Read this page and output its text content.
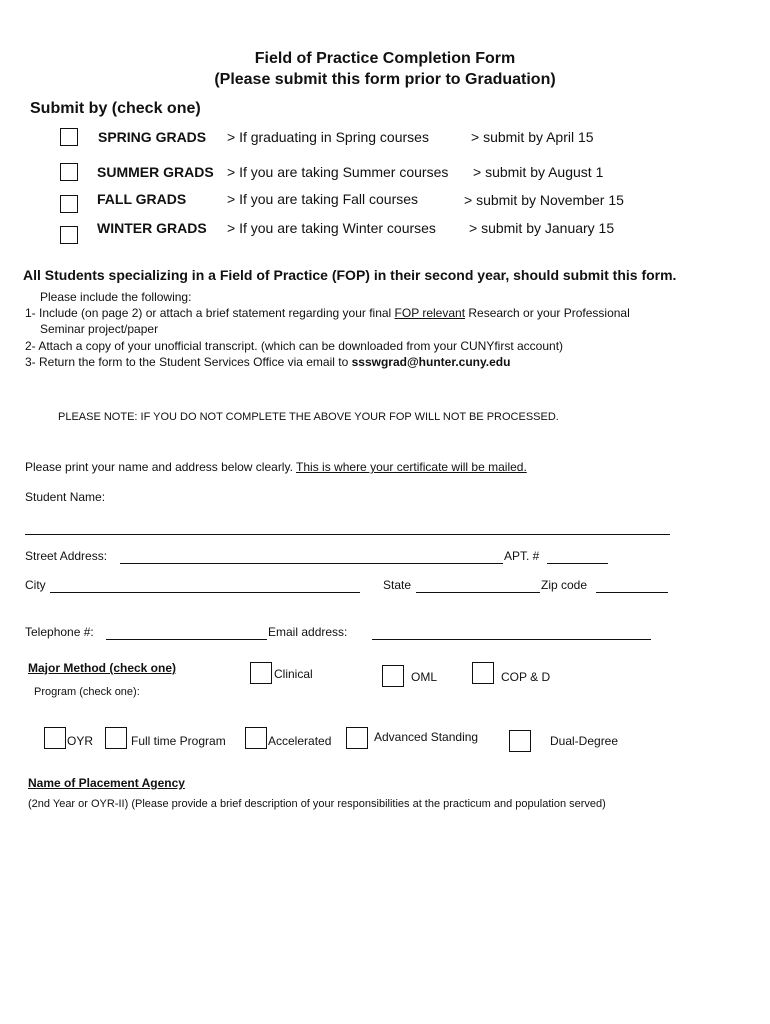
Field of Practice Completion Form
(Please submit this form prior to Graduation)
Submit by (check one)
SPRING GRADS > If graduating in Spring courses	> submit by April 15
SUMMER GRADS > If you are taking Summer courses > submit by August 1
FALL GRADS	> If you are taking Fall courses	> submit by November 15
WINTER GRADS > If you are taking Winter courses > submit by January 15
All Students specializing in a Field of Practice (FOP) in their second year, should submit this form.
Please include the following:
1- Include (on page 2) or attach a brief statement regarding your final FOP relevant Research or your Professional
Seminar project/paper
2- Attach a copy of your unofficial transcript. (which can be downloaded from your CUNYfirst account)
3- Return the form to the Student Services Office via email to ssswgrad@hunter.cuny.edu
PLEASE NOTE: IF YOU DO NOT COMPLETE THE ABOVE YOUR FOP WILL NOT BE PROCESSED.
Please print your name and address below clearly. This is where your certificate will be mailed.
Student Name:
Street Address:	APT. #
City	State	Zip code
Telephone #:	Email address:
Major Method (check one)	Clinical	OML	COP & D
Program (check one):
OYR	Full time Program	Accelerated	Advanced Standing	Dual-Degree
Name of Placement Agency
(2nd Year or OYR-II) (Please provide a brief description of your responsibilities at the practicum and population served)
